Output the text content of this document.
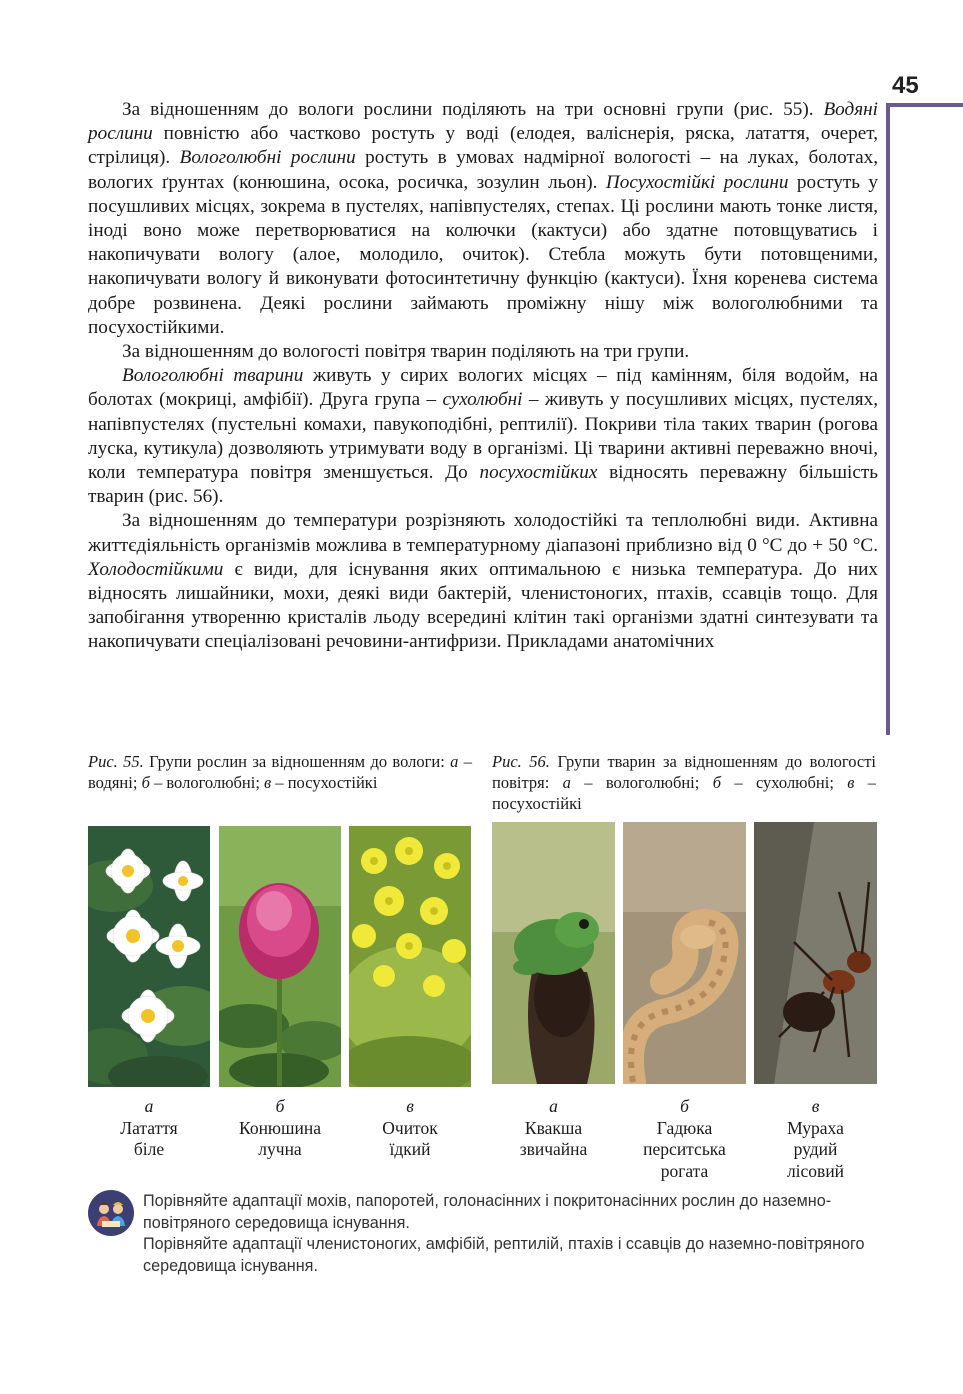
45

За відношенням до вологи рослини поділяють на три основні групи (рис. 55). Водяні рослини повністю або частково ростуть у воді (елодея, валіснерія, ряска, латаття, очерет, стрілиця). Вологолюбні рослини ростуть в умовах надмірної вологості – на луках, болотах, вологих ґрунтах (конюшина, осока, росичка, зозулин льон). Посухостійкі рослини ростуть у посушливих місцях, зокрема в пустелях, напівпустелях, степах. Ці рослини мають тонке листя, іноді воно може перетворюватися на колючки (кактуси) або здатне потовщуватись і накопичувати вологу (алое, молодило, очиток). Стебла можуть бути потовщеними, накопичувати вологу й виконувати фотосинтетичну функцію (кактуси). Їхня коренева система добре розвинена. Деякі рослини займають проміжну нішу між вологолюбними та посухостійкими.

За відношенням до вологості повітря тварин поділяють на три групи.

Вологолюбні тварини живуть у сирих вологих місцях – під камінням, біля водойм, на болотах (мокриці, амфібії). Друга група – сухолюбні – живуть у посушливих місцях, пустелях, напівпустелях (пустельні комахи, павукоподібні, рептилії). Покриви тіла таких тварин (рогова луска, кутикула) дозволяють утримувати воду в організмі. Ці тварини активні переважно вночі, коли температура повітря зменшується. До посухостійких відносять переважну більшість тварин (рис. 56).

За відношенням до температури розрізняють холодостійкі та теплолюбні види. Активна життєдіяльність організмів можлива в температурному діапазоні приблизно від 0 °С до + 50 °С. Холодостійкими є види, для існування яких оптимальною є низька температура. До них відносять лишайники, мохи, деякі види бактерій, членистоногих, птахів, ссавців тощо. Для запобігання утворенню кристалів льоду всередині клітин такі організми здатні синтезувати та накопичувати спеціалізовані речовини-антифризи. Прикладами анатомічних

Рис. 55. Групи рослин за відношенням до вологи: а – водяні; б – вологолюбні; в – посухостійкі
Рис. 56. Групи тварин за відношенням до вологості повітря: а – вологолюбні; б – сухолюбні; в – посухостійкі
а
Латаття
біле
б
Конюшина
лучна
в
Очиток
їдкий
а
Квакша
звичайна
б
Гадюка
перситська
рогата
в
Мураха
рудий
лісовий
Порівняйте адаптації мохів, папоротей, голонасінних і покритонасінних рослин до наземно-повітряного середовища існування.
Порівняйте адаптації членистоногих, амфібій, рептилій, птахів і ссавців до наземно-повітряного середовища існування.
